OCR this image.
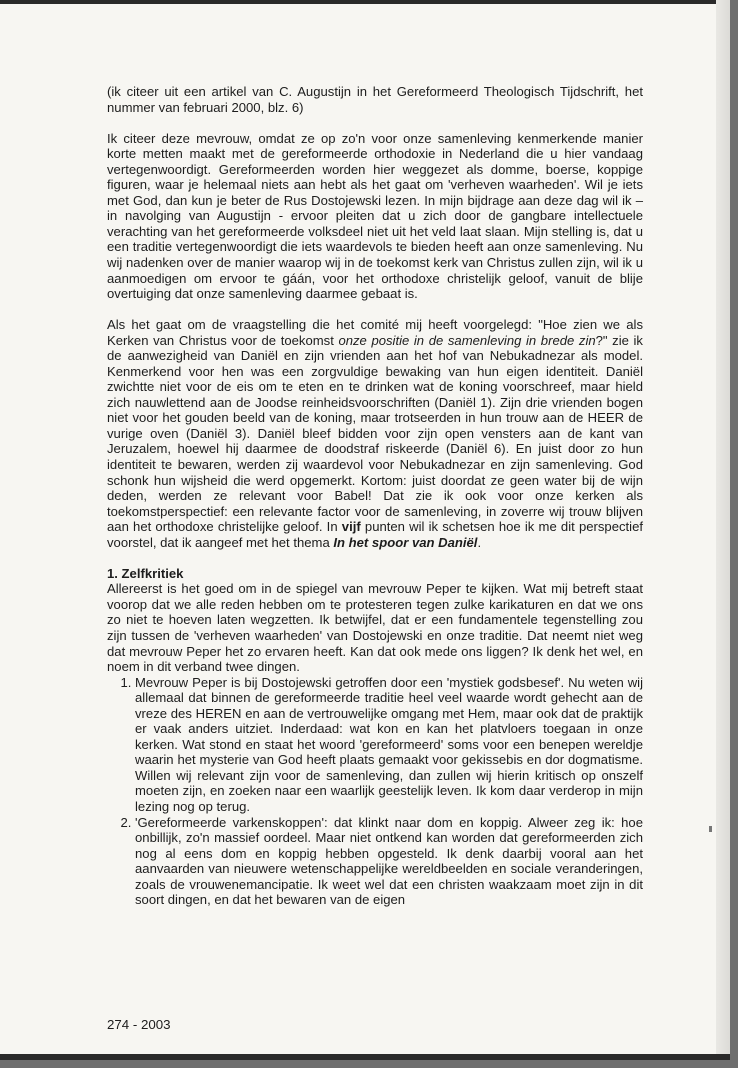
(ik citeer uit een artikel van C. Augustijn in het Gereformeerd Theologisch Tijdschrift, het nummer van februari 2000, blz. 6)

Ik citeer deze mevrouw, omdat ze op zo'n voor onze samenleving kenmerkende manier korte metten maakt met de gereformeerde orthodoxie in Nederland die u hier vandaag vertegenwoordigt. Gereformeerden worden hier weggezet als domme, boerse, koppige figuren, waar je helemaal niets aan hebt als het gaat om 'verheven waarheden'. Wil je iets met God, dan kun je beter de Rus Dostojewski lezen. In mijn bijdrage aan deze dag wil ik – in navolging van Augustijn - ervoor pleiten dat u zich door de gangbare intellectuele verachting van het gereformeerde volksdeel niet uit het veld laat slaan. Mijn stelling is, dat u een traditie vertegenwoordigt die iets waardevols te bieden heeft aan onze samenleving. Nu wij nadenken over de manier waarop wij in de toekomst kerk van Christus zullen zijn, wil ik u aanmoedigen om ervoor te gáán, voor het orthodoxe christelijk geloof, vanuit de blije overtuiging dat onze samenleving daarmee gebaat is.

Als het gaat om de vraagstelling die het comité mij heeft voorgelegd: "Hoe zien we als Kerken van Christus voor de toekomst onze positie in de samenleving in brede zin?" zie ik de aanwezigheid van Daniël en zijn vrienden aan het hof van Nebukadnezar als model. Kenmerkend voor hen was een zorgvuldige bewaking van hun eigen identiteit. Daniël zwichtte niet voor de eis om te eten en te drinken wat de koning voorschreef, maar hield zich nauwlettend aan de Joodse reinheidsvoorschriften (Daniël 1). Zijn drie vrienden bogen niet voor het gouden beeld van de koning, maar trotseerden in hun trouw aan de HEER de vurige oven (Daniël 3). Daniël bleef bidden voor zijn open vensters aan de kant van Jeruzalem, hoewel hij daarmee de doodstraf riskeerde (Daniël 6). En juist door zo hun identiteit te bewaren, werden zij waardevol voor Nebukadnezar en zijn samenleving. God schonk hun wijsheid die werd opgemerkt. Kortom: juist doordat ze geen water bij de wijn deden, werden ze relevant voor Babel! Dat zie ik ook voor onze kerken als toekomstperspectief: een relevante factor voor de samenleving, in zoverre wij trouw blijven aan het orthodoxe christelijke geloof. In vijf punten wil ik schetsen hoe ik me dit perspectief voorstel, dat ik aangeef met het thema In het spoor van Daniël.

1. Zelfkritiek

Allereerst is het goed om in de spiegel van mevrouw Peper te kijken. Wat mij betreft staat voorop dat we alle reden hebben om te protesteren tegen zulke karikaturen en dat we ons zo niet te hoeven laten wegzetten. Ik betwijfel, dat er een fundamentele tegenstelling zou zijn tussen de 'verheven waarheden' van Dostojewski en onze traditie. Dat neemt niet weg dat mevrouw Peper het zo ervaren heeft. Kan dat ook mede ons liggen? Ik denk het wel, en noem in dit verband twee dingen.

1. Mevrouw Peper is bij Dostojewski getroffen door een 'mystiek godsbesef'. Nu weten wij allemaal dat binnen de gereformeerde traditie heel veel waarde wordt gehecht aan de vreze des HEREN en aan de vertrouwelijke omgang met Hem, maar ook dat de praktijk er vaak anders uitziet. Inderdaad: wat kon en kan het platvloers toegaan in onze kerken. Wat stond en staat het woord 'gereformeerd' soms voor een benepen wereldje waarin het mysterie van God heeft plaats gemaakt voor gekissebis en dor dogmatisme. Willen wij relevant zijn voor de samenleving, dan zullen wij hierin kritisch op onszelf moeten zijn, en zoeken naar een waarlijk geestelijk leven. Ik kom daar verderop in mijn lezing nog op terug.
2. 'Gereformeerde varkenskoppen': dat klinkt naar dom en koppig. Alweer zeg ik: hoe onbillijk, zo'n massief oordeel. Maar niet ontkend kan worden dat gereformeerden zich nog al eens dom en koppig hebben opgesteld. Ik denk daarbij vooral aan het aanvaarden van nieuwere wetenschappelijke wereldbeelden en sociale veranderingen, zoals de vrouwenemancipatie. Ik weet wel dat een christen waakzaam moet zijn in dit soort dingen, en dat het bewaren van de eigen
274 - 2003
